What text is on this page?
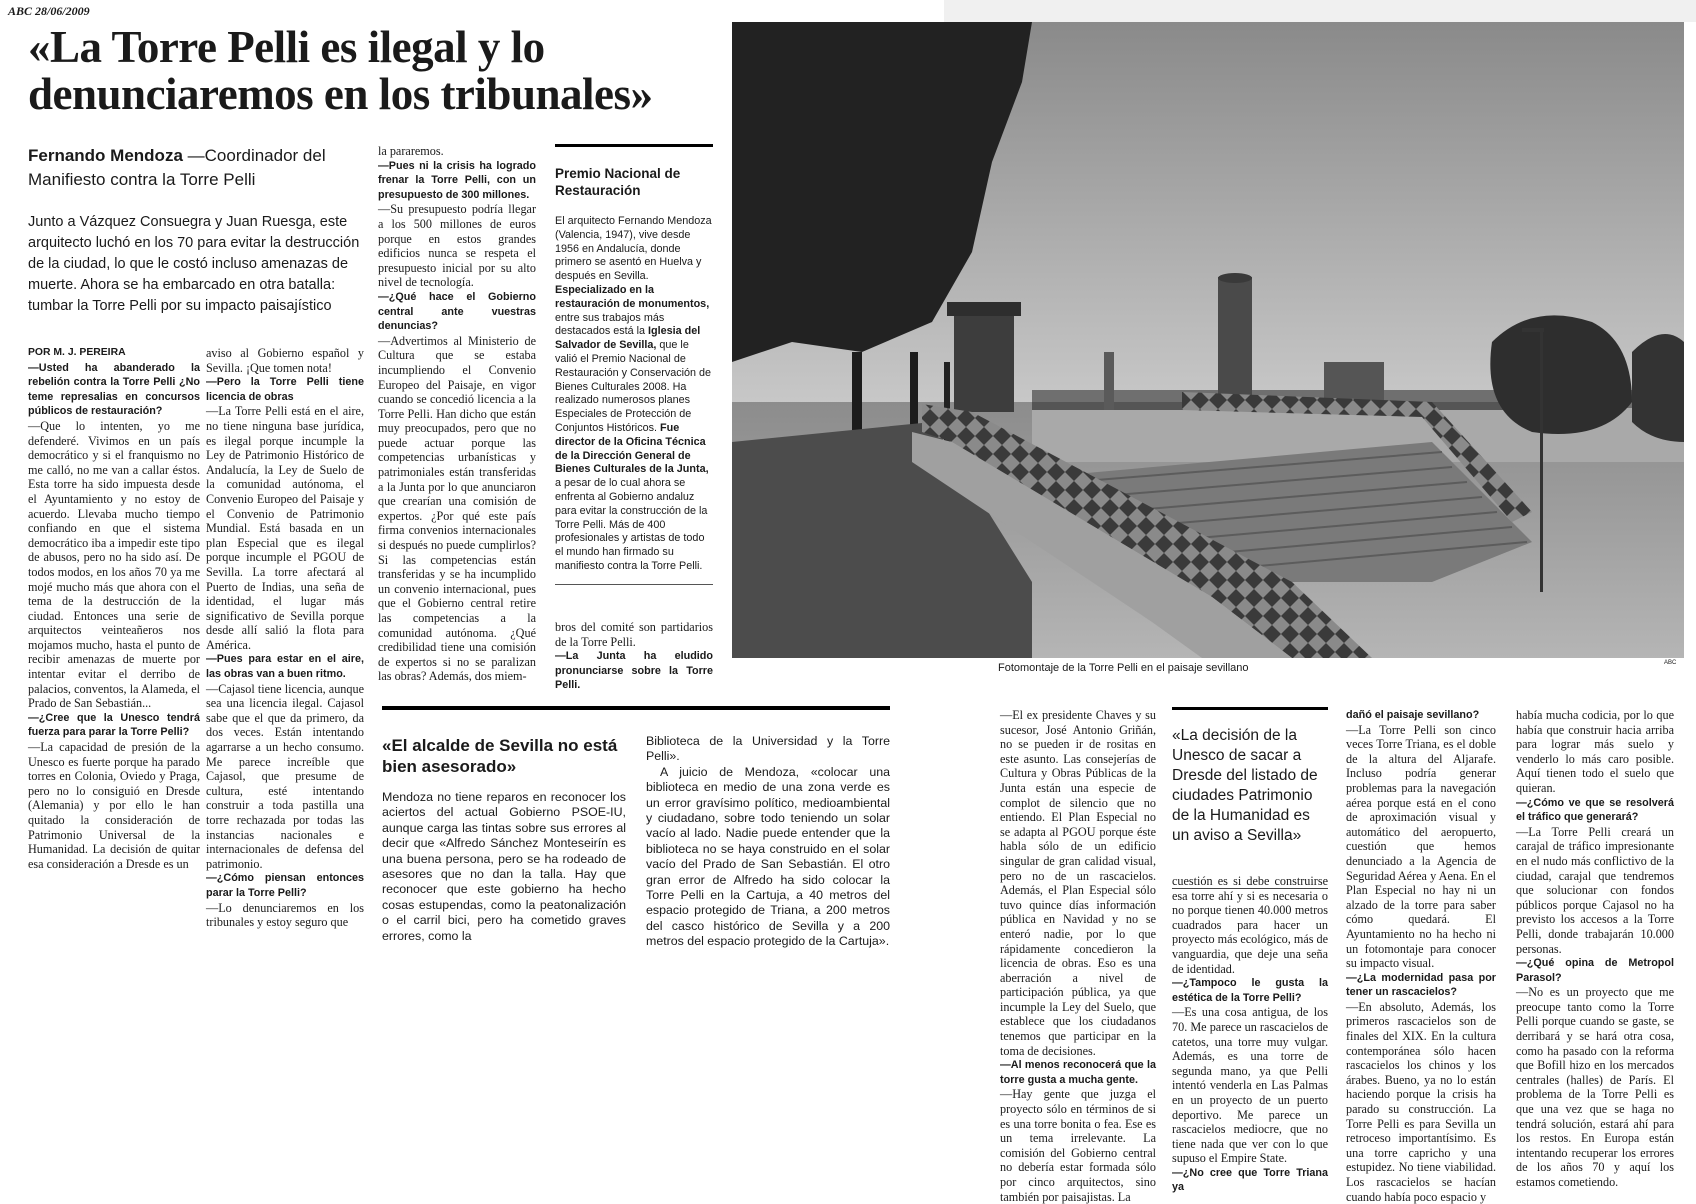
ABC 28/06/2009
«La Torre Pelli es ilegal y lo denunciaremos en los tribunales»
Fernando Mendoza —Coordinador del Manifiesto contra la Torre Pelli
Junto a Vázquez Consuegra y Juan Ruesga, este arquitecto luchó en los 70 para evitar la destrucción de la ciudad, lo que le costó incluso amenazas de muerte. Ahora se ha embarcado en otra batalla: tumbar la Torre Pelli por su impacto paisajístico

POR M. J. PEREIRA

—Usted ha abanderado la rebelión contra la Torre Pelli ¿No teme represalias en concursos públicos de restauración?

—Que lo intenten, yo me defenderé. Vivimos en un país democrático y si el franquismo no me calló, no me van a callar éstos. Esta torre ha sido impuesta desde el Ayuntamiento y no estoy de acuerdo. Llevaba mucho tiempo confiando en que el sistema democrático iba a impedir este tipo de abusos, pero no ha sido así. De todos modos, en los años 70 ya me mojé mucho más que ahora con el tema de la destrucción de la ciudad. Entonces una serie de arquitectos veinteañeros nos mojamos mucho, hasta el punto de recibir amenazas de muerte por intentar evitar el derribo de palacios, conventos, la Alameda, el Prado de San Sebastián...

—¿Cree que la Unesco tendrá fuerza para parar la Torre Pelli?

—La capacidad de presión de la Unesco es fuerte porque ha parado torres en Colonia, Oviedo y Praga, pero no lo consiguió en Dresde (Alemania) y por ello le han quitado la consideración de Patrimonio Universal de la Humanidad. La decisión de quitar esa consideración a Dresde es un

aviso al Gobierno español y Sevilla. ¡Que tomen nota!

—Pero la Torre Pelli tiene licencia de obras

—La Torre Pelli está en el aire, no tiene ninguna base jurídica, es ilegal porque incumple la Ley de Patrimonio Histórico de Andalucía, la Ley de Suelo de la comunidad autónoma, el Convenio Europeo del Paisaje y el Convenio de Patrimonio Mundial. Está basada en un plan Especial que es ilegal porque incumple el PGOU de Sevilla. La torre afectará al Puerto de Indias, una seña de identidad, el lugar más significativo de Sevilla porque desde allí salió la flota para América.

—Pues para estar en el aire, las obras van a buen ritmo.

—Cajasol tiene licencia, aunque sea una licencia ilegal. Cajasol sabe que el que da primero, da dos veces. Están intentando agarrarse a un hecho consumo. Me parece increíble que Cajasol, que presume de cultura, esté intentando construir a toda pastilla una torre rechazada por todas las instancias nacionales e internacionales de defensa del patrimonio.

—¿Cómo piensan entonces parar la Torre Pelli?

—Lo denunciaremos en los tribunales y estoy seguro que

la pararemos.

—Pues ni la crisis ha logrado frenar la Torre Pelli, con un presupuesto de 300 millones.

—Su presupuesto podría llegar a los 500 millones de euros porque en estos grandes edificios nunca se respeta el presupuesto inicial por su alto nivel de tecnología.

—¿Qué hace el Gobierno central ante vuestras denuncias?

—Advertimos al Ministerio de Cultura que se estaba incumpliendo el Convenio Europeo del Paisaje, en vigor cuando se concedió licencia a la Torre Pelli. Han dicho que están muy preocupados, pero que no puede actuar porque las competencias urbanísticas y patrimoniales están transferidas a la Junta por lo que anunciaron que crearían una comisión de expertos. ¿Por qué este país firma convenios internacionales si después no puede cumplirlos? Si las competencias están transferidas y se ha incumplido un convenio internacional, pues que el Gobierno central retire las competencias a la comunidad autónoma. ¿Qué credibilidad tiene una comisión de expertos si no se paralizan las obras? Además, dos miem-

Premio Nacional de Restauración
El arquitecto Fernando Mendoza (Valencia, 1947), vive desde 1956 en Andalucía, donde primero se asentó en Huelva y después en Sevilla. Especializado en la restauración de monumentos, entre sus trabajos más destacados está la Iglesia del Salvador de Sevilla, que le valió el Premio Nacional de Restauración y Conservación de Bienes Culturales 2008. Ha realizado numerosos planes Especiales de Protección de Conjuntos Históricos. Fue director de la Oficina Técnica de la Dirección General de Bienes Culturales de la Junta, a pesar de lo cual ahora se enfrenta al Gobierno andaluz para evitar la construcción de la Torre Pelli. Más de 400 profesionales y artistas de todo el mundo han firmado su manifiesto contra la Torre Pelli.

bros del comité son partidarios de la Torre Pelli.

—La Junta ha eludido pronunciarse sobre la Torre Pelli.

«El alcalde de Sevilla no está bien asesorado»
Mendoza no tiene reparos en reconocer los aciertos del actual Gobierno PSOE-IU, aunque carga las tintas sobre sus errores al decir que «Alfredo Sánchez Monteseirín es una buena persona, pero se ha rodeado de asesores que no dan la talla. Hay que reconocer que este gobierno ha hecho cosas estupendas, como la peatonalización o el carril bici, pero ha cometido graves errores, como la
Biblioteca de la Universidad y la Torre Pelli».
A juicio de Mendoza, «colocar una biblioteca en medio de una zona verde es un error gravísimo político, medioambiental y ciudadano, sobre todo teniendo un solar vacío al lado. Nadie puede entender que la biblioteca no se haya construido en el solar vacío del Prado de San Sebastián. El otro gran error de Alfredo ha sido colocar la Torre Pelli en la Cartuja, a 40 metros del espacio protegido de Triana, a 200 metros del casco histórico de Sevilla y a 200 metros del espacio protegido de la Cartuja».
Fotomontaje de la Torre Pelli en el paisaje sevillano	ABC

—El ex presidente Chaves y su sucesor, José Antonio Griñán, no se pueden ir de rositas en este asunto. Las consejerías de Cultura y Obras Públicas de la Junta están una especie de complot de silencio que no entiendo. El Plan Especial no se adapta al PGOU porque éste habla sólo de un edificio singular de gran calidad visual, pero no de un rascacielos. Además, el Plan Especial sólo tuvo quince días información pública en Navidad y no se enteró nadie, por lo que rápidamente concedieron la licencia de obras. Eso es una aberración a nivel de participación pública, ya que incumple la Ley del Suelo, que establece que los ciudadanos tenemos que participar en la toma de decisiones.

—Al menos reconocerá que la torre gusta a mucha gente.

—Hay gente que juzga el proyecto sólo en términos de si es una torre bonita o fea. Ese es un tema irrelevante. La comisión del Gobierno central no debería estar formada sólo por cinco arquitectos, sino también por paisajistas. La

«La decisión de la Unesco de sacar a Dresde del listado de ciudades Patrimonio de la Humanidad es un aviso a Sevilla»

cuestión es si debe construirse esa torre ahí y si es necesaria o no porque tienen 40.000 metros cuadrados para hacer un proyecto más ecológico, más de vanguardia, que deje una seña de identidad.

—¿Tampoco le gusta la estética de la Torre Pelli?

—Es una cosa antigua, de los 70. Me parece un rascacielos de catetos, una torre muy vulgar. Además, es una torre de segunda mano, ya que Pelli intentó venderla en Las Palmas en un proyecto de un puerto deportivo. Me parece un rascacielos mediocre, que no tiene nada que ver con lo que supuso el Empire State.

—¿No cree que Torre Triana ya

dañó el paisaje sevillano?

—La Torre Pelli son cinco veces Torre Triana, es el doble de la altura del Aljarafe. Incluso podría generar problemas para la navegación aérea porque está en el cono de aproximación visual y automático del aeropuerto, cuestión que hemos denunciado a la Agencia de Seguridad Aérea y Aena. En el Plan Especial no hay ni un alzado de la torre para saber cómo quedará. El Ayuntamiento no ha hecho ni un fotomontaje para conocer su impacto visual.

—¿La modernidad pasa por tener un rascacielos?

—En absoluto, Además, los primeros rascacielos son de finales del XIX. En la cultura contemporánea sólo hacen rascacielos los chinos y los árabes. Bueno, ya no lo están haciendo porque la crisis ha parado su construcción. La Torre Pelli es para Sevilla un retroceso importantísimo. Es una torre capricho y una estupidez. No tiene viabilidad. Los rascacielos se hacían cuando había poco espacio y

había mucha codicia, por lo que había que construir hacia arriba para lograr más suelo y venderlo lo más caro posible. Aquí tienen todo el suelo que quieran.

—¿Cómo ve que se resolverá el tráfico que generará?

—La Torre Pelli creará un carajal de tráfico impresionante en el nudo más conflictivo de la ciudad, carajal que tendremos que solucionar con fondos públicos porque Cajasol no ha previsto los accesos a la Torre Pelli, donde trabajarán 10.000 personas.

—¿Qué opina de Metropol Parasol?

—No es un proyecto que me preocupe tanto como la Torre Pelli porque cuando se gaste, se derribará y se hará otra cosa, como ha pasado con la reforma que Bofill hizo en los mercados centrales (halles) de París. El problema de la Torre Pelli es que una vez que se haga no tendrá solución, estará ahí para los restos. En Europa están intentando recuperar los errores de los años 70 y aquí los estamos cometiendo.
